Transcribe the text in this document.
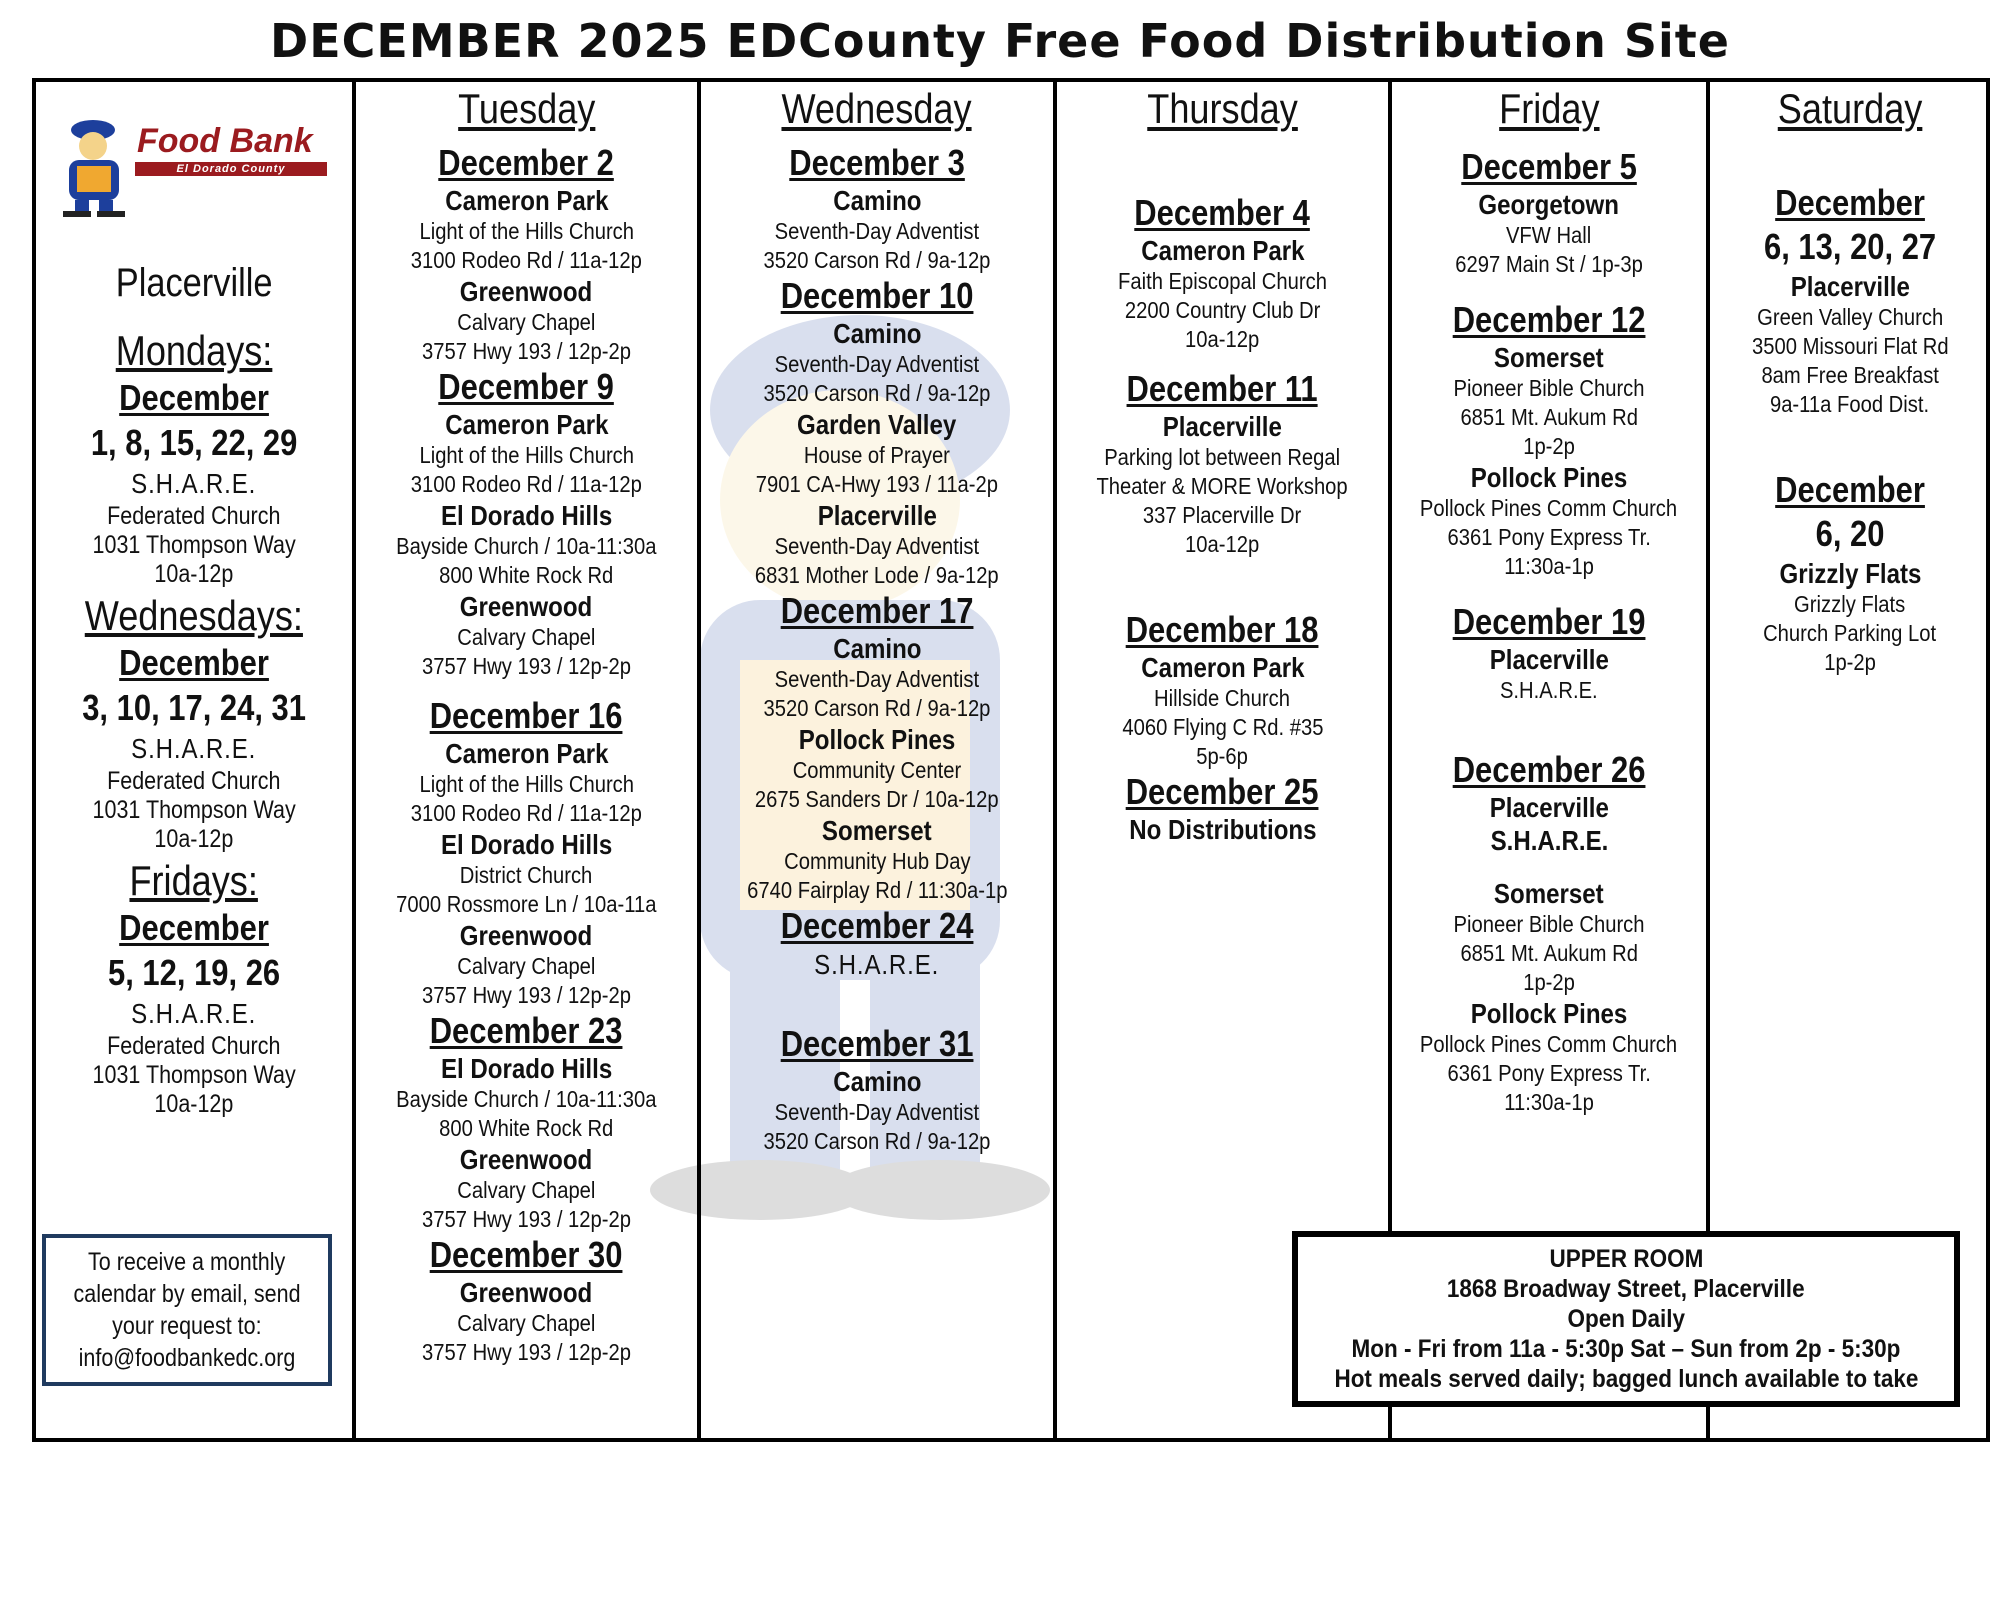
DECEMBER 2025 EDCounty Free Food Distribution Site
Food Bank
El Dorado County
Placerville
Mondays:
December
1, 8, 15, 22, 29
S.H.A.R.E.
Federated Church
1031 Thompson Way
10a-12p
Wednesdays:
December
3, 10, 17, 24, 31
S.H.A.R.E.
Federated Church
1031 Thompson Way
10a-12p
Fridays:
December
5, 12, 19, 26
S.H.A.R.E.
Federated Church
1031 Thompson Way
10a-12p
To receive a monthly
calendar by email, send
your request to:
info@foodbankedc.org
Tuesday
December 2
Cameron Park
Light of the Hills Church
3100 Rodeo Rd / 11a-12p
Greenwood
Calvary Chapel
3757 Hwy 193 / 12p-2p
December 9
Cameron Park
Light of the Hills Church
3100 Rodeo Rd / 11a-12p
El Dorado Hills
Bayside Church / 10a-11:30a
800 White Rock Rd
Greenwood
Calvary Chapel
3757 Hwy 193 / 12p-2p
December 16
Cameron Park
Light of the Hills Church
3100 Rodeo Rd / 11a-12p
El Dorado Hills
District Church
7000 Rossmore Ln / 10a-11a
Greenwood
Calvary Chapel
3757 Hwy 193 / 12p-2p
December 23
El Dorado Hills
Bayside Church / 10a-11:30a
800 White Rock Rd
Greenwood
Calvary Chapel
3757 Hwy 193 / 12p-2p
December 30
Greenwood
Calvary Chapel
3757 Hwy 193 / 12p-2p
Wednesday
December 3
Camino
Seventh-Day Adventist
3520 Carson Rd / 9a-12p
December 10
Camino
Seventh-Day Adventist
3520 Carson Rd / 9a-12p
Garden Valley
House of Prayer
7901 CA-Hwy 193 / 11a-2p
Placerville
Seventh-Day Adventist
6831 Mother Lode / 9a-12p
December 17
Camino
Seventh-Day Adventist
3520 Carson Rd / 9a-12p
Pollock Pines
Community Center
2675 Sanders Dr / 10a-12p
Somerset
Community Hub Day
6740 Fairplay Rd / 11:30a-1p
December 24
S.H.A.R.E.
December 31
Camino
Seventh-Day Adventist
3520 Carson Rd / 9a-12p
Thursday
December 4
Cameron Park
Faith Episcopal Church
2200 Country Club Dr
10a-12p
December 11
Placerville
Parking lot between Regal
Theater & MORE Workshop
337 Placerville Dr
10a-12p
December 18
Cameron Park
Hillside Church
4060 Flying C Rd. #35
5p-6p
December 25
No Distributions
Friday
December 5
Georgetown
VFW Hall
6297 Main St / 1p-3p
December 12
Somerset
Pioneer Bible Church
6851 Mt. Aukum Rd
1p-2p
Pollock Pines
Pollock Pines Comm Church
6361 Pony Express Tr.
11:30a-1p
December 19
Placerville
S.H.A.R.E.
December 26
Placerville
S.H.A.R.E.
Somerset
Pioneer Bible Church
6851 Mt. Aukum Rd
1p-2p
Pollock Pines
Pollock Pines Comm Church
6361 Pony Express Tr.
11:30a-1p
Saturday
December
6, 13, 20, 27
Placerville
Green Valley Church
3500 Missouri Flat Rd
8am Free Breakfast
9a-11a Food Dist.
December
6, 20
Grizzly Flats
Grizzly Flats
Church Parking Lot
1p-2p
UPPER ROOM
1868 Broadway Street, Placerville
Open Daily
Mon - Fri from 11a - 5:30p Sat – Sun from 2p - 5:30p
Hot meals served daily; bagged lunch available to take
